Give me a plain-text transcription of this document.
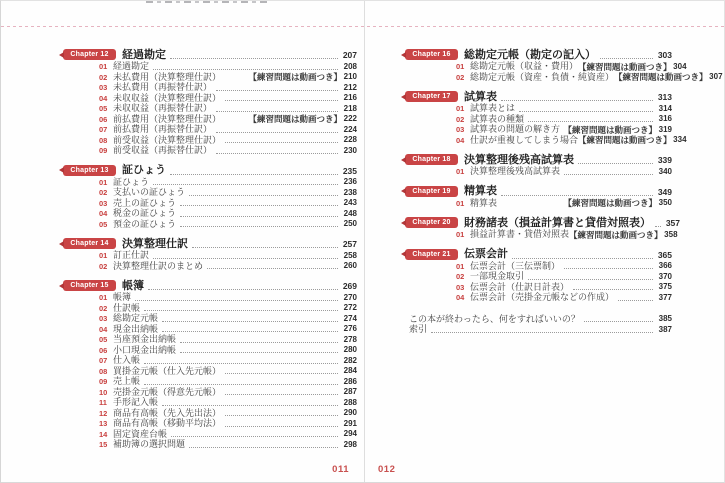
Chapter 12 経過勘定	207
01 経過勘定	208
02 未払費用（決算整理仕訳）	【練習問題は動画つき】 210
03 未払費用（再振替仕訳）	212
04 未収収益（決算整理仕訳）	216
05 未収収益（再振替仕訳）	218
06 前払費用（決算整理仕訳）	【練習問題は動画つき】 222
07 前払費用（再振替仕訳）	224
08 前受収益（決算整理仕訳）	228
09 前受収益（再振替仕訳）	230
Chapter 13 証ひょう	235
01 証ひょう	236
02 支払いの証ひょう	238
03 売上の証ひょう	243
04 税金の証ひょう	248
05 預金の証ひょう	250
Chapter 14 決算整理仕訳	257
01 訂正仕訳	258
02 決算整理仕訳のまとめ	260
Chapter 15 帳簿	269
01 帳簿	270
02 仕訳帳	272
03 総勘定元帳	274
04 現金出納帳	276
05 当座預金出納帳	278
06 小口現金出納帳	280
07 仕入帳	282
08 買掛金元帳（仕入先元帳）	284
09 売上帳	286
10 売掛金元帳（得意先元帳）	287
11 手形記入帳	288
12 商品有高帳（先入先出法）	290
13 商品有高帳（移動平均法）	291
14 固定資産台帳	294
15 補助簿の選択問題	298
Chapter 16 総勘定元帳（勘定の記入）	303
01 総勘定元帳（収益・費用） 【練習問題は動画つき】 304
02 総勘定元帳（資産・負債・純資産） 【練習問題は動画つき】 307
Chapter 17 試算表	313
01 試算表とは	314
02 試算表の種類	316
03 試算表の問題の解き方 【練習問題は動画つき】 319
04 仕訳が重複してしまう場合 【練習問題は動画つき】 334
Chapter 18 決算整理後残高試算表	339
01 決算整理後残高試算表	340
Chapter 19 精算表	349
01 精算表	【練習問題は動画つき】 350
Chapter 20 財務諸表（損益計算書と貸借対照表） 357
01 損益計算書・貸借対照表 【練習問題は動画つき】 358
Chapter 21 伝票会計	365
01 伝票会計（三伝票制）	366
02 一部現金取引	370
03 伝票会計（仕訳日計表）	375
04 伝票会計（売掛金元帳などの作成）	377
この本が終わったら、何をすればいいの？	385
索引	387
011	012
